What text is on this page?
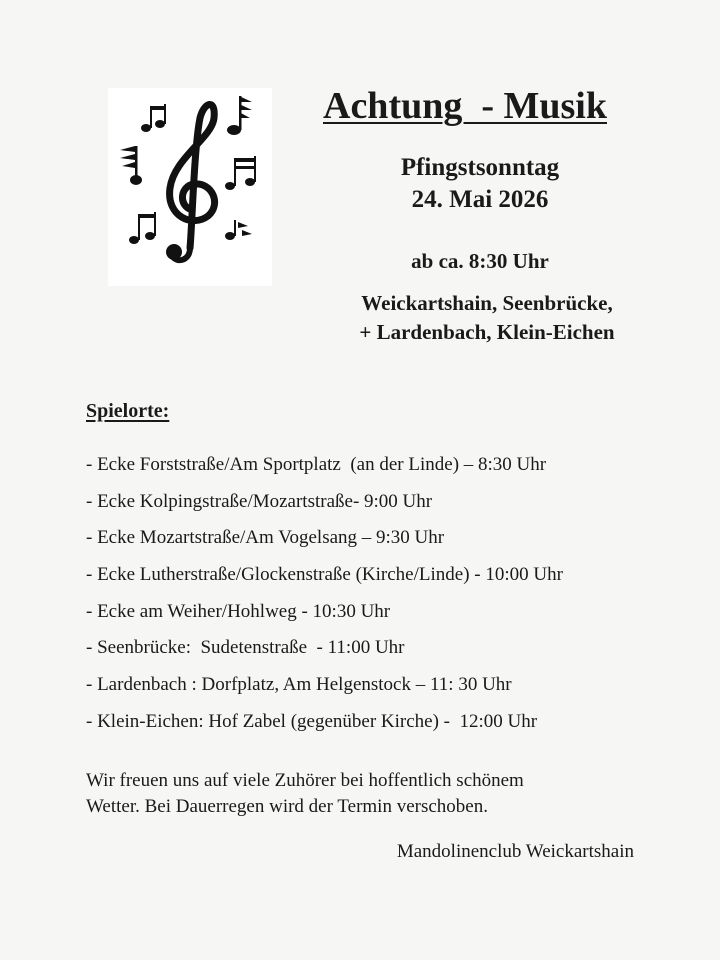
Achtung  - Musik
Pfingstsonntag
24. Mai 2026
ab ca. 8:30 Uhr
Weickartshain, Seenbrücke,
+ Lardenbach, Klein-Eichen
Spielorte:
- Ecke Forststraße/Am Sportplatz  (an der Linde) – 8:30 Uhr
- Ecke Kolpingstraße/Mozartstraße- 9:00 Uhr
- Ecke Mozartstraße/Am Vogelsang – 9:30 Uhr
- Ecke Lutherstraße/Glockenstraße (Kirche/Linde) - 10:00 Uhr
- Ecke am Weiher/Hohlweg - 10:30 Uhr
- Seenbrücke:  Sudetenstraße  - 11:00 Uhr
- Lardenbach : Dorfplatz, Am Helgenstock – 11: 30 Uhr
- Klein-Eichen: Hof Zabel (gegenüber Kirche) -  12:00 Uhr
Wir freuen uns auf viele Zuhörer bei hoffentlich schönem
Wetter. Bei Dauerregen wird der Termin verschoben.
Mandolinenclub Weickartshain
